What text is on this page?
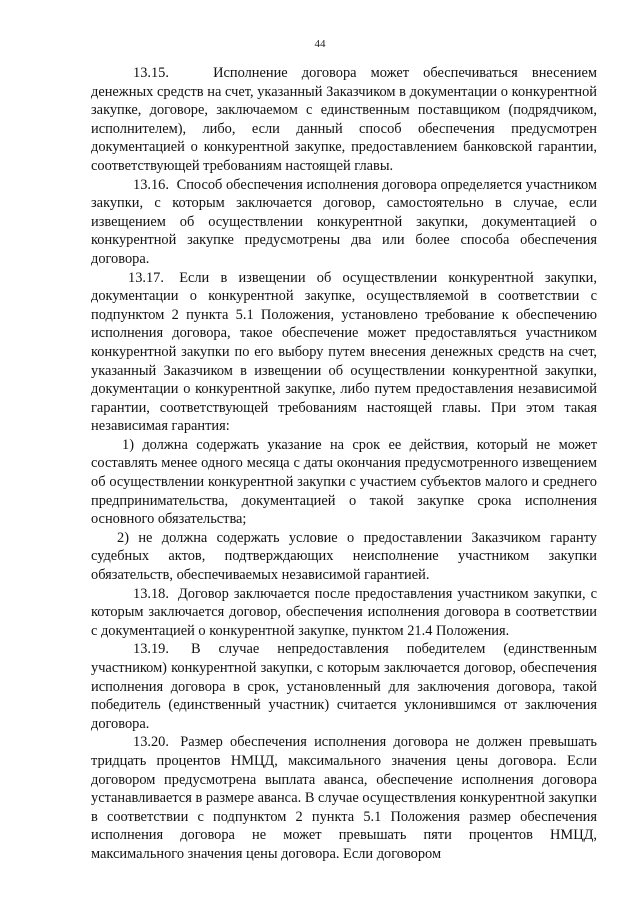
44

13.15.	Исполнение договора может обеспечиваться внесением денежных средств на счет, указанный Заказчиком в документации о конкурентной закупке, договоре, заключаемом с единственным поставщиком (подрядчиком, исполнителем), либо, если данный способ обеспечения предусмотрен документацией о конкурентной закупке, предоставлением банковской гарантии, соответствующей требованиям настоящей главы.

13.16. Способ обеспечения исполнения договора определяется участником закупки, с которым заключается договор, самостоятельно в случае, если извещением об осуществлении конкурентной закупки, документацией о конкурентной закупке предусмотрены два или более способа обеспечения договора.

13.17. Если в извещении об осуществлении конкурентной закупки, документации о конкурентной закупке, осуществляемой в соответствии с подпунктом 2 пункта 5.1 Положения, установлено требование к обеспечению исполнения договора, такое обеспечение может предоставляться участником конкурентной закупки по его выбору путем внесения денежных средств на счет, указанный Заказчиком в извещении об осуществлении конкурентной закупки, документации о конкурентной закупке, либо путем предоставления независимой гарантии, соответствующей требованиям настоящей главы. При этом такая независимая гарантия:

1) должна содержать указание на срок ее действия, который не может составлять менее одного месяца с даты окончания предусмотренного извещением об осуществлении конкурентной закупки с участием субъектов малого и среднего предпринимательства, документацией о такой закупке срока исполнения основного обязательства;

2) не должна содержать условие о предоставлении Заказчиком гаранту судебных актов, подтверждающих неисполнение участником закупки обязательств, обеспечиваемых независимой гарантией.

13.18. Договор заключается после предоставления участником закупки, с которым заключается договор, обеспечения исполнения договора в соответствии с документацией о конкурентной закупке, пунктом 21.4 Положения.

13.19. В случае непредоставления победителем (единственным участником) конкурентной закупки, с которым заключается договор, обеспечения исполнения договора в срок, установленный для заключения договора, такой победитель (единственный участник) считается уклонившимся от заключения договора.

13.20. Размер обеспечения исполнения договора не должен превышать тридцать процентов НМЦД, максимального значения цены договора. Если договором предусмотрена выплата аванса, обеспечение исполнения договора устанавливается в размере аванса. В случае осуществления конкурентной закупки в соответствии с подпунктом 2 пункта 5.1 Положения размер обеспечения исполнения договора не может превышать пяти процентов НМЦД, максимального значения цены договора. Если договором
